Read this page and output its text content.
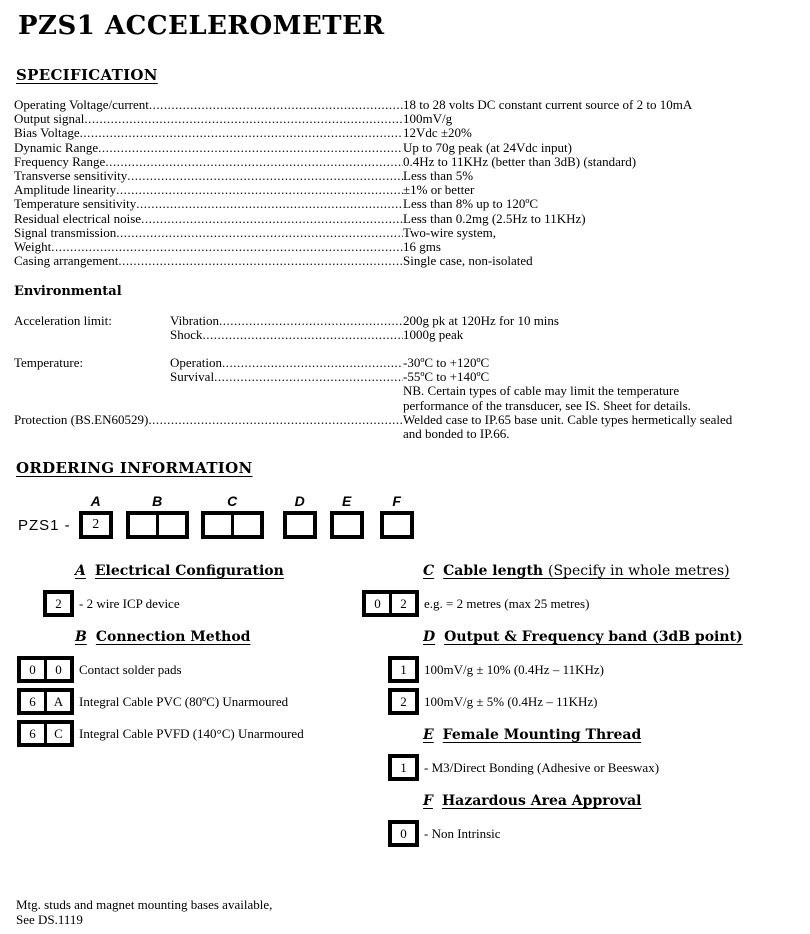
PZS1 ACCELEROMETER
SPECIFICATION
Operating Voltage/current .....	18 to 28 volts DC constant current source of 2 to 10mA
Output signal .....	100mV/g
Bias Voltage .....	12Vdc ±20%
Dynamic Range .....	Up to 70g peak (at 24Vdc input)
Frequency Range .....	0.4Hz to 11KHz (better than 3dB) (standard)
Transverse sensitivity .....	Less than 5%
Amplitude linearity .....	±1% or better
Temperature sensitivity .....	Less than 8% up to 120ºC
Residual electrical noise .....	Less than 0.2mg (2.5Hz to 11KHz)
Signal transmission .....	Two-wire system,
Weight .....	16 gms
Casing arrangement .....	Single case, non-isolated
Environmental
Acceleration limit:	Vibration .....	200g pk at 120Hz for 10 mins
Shock .....	1000g peak
Temperature:	Operation .....	-30ºC to +120ºC
Survival .....	-55ºC to +140ºC
NB. Certain types of cable may limit the temperature
performance of the transducer, see IS. Sheet for details.
Protection (BS.EN60529) .....	Welded case to IP.65 base unit. Cable types hermetically sealed
and bonded to IP.66.
ORDERING INFORMATION
PZS1 -
A
2
B	C	D	E	F
A Electrical Configuration
2	- 2 wire ICP device
B Connection Method
0	0	Contact solder pads
6	A	Integral Cable PVC (80ºC) Unarmoured
6	C	Integral Cable PVFD (140°C) Unarmoured
C Cable length (Specify in whole metres)
0	2	e.g. = 2 metres (max 25 metres)
D Output & Frequency band (3dB point)
1	100mV/g ± 10% (0.4Hz – 11KHz)
2	100mV/g ± 5% (0.4Hz – 11KHz)
E Female Mounting Thread
1	- M3/Direct Bonding (Adhesive or Beeswax)
F Hazardous Area Approval
0	- Non Intrinsic
Mtg. studs and magnet mounting bases available,
See DS.1119
